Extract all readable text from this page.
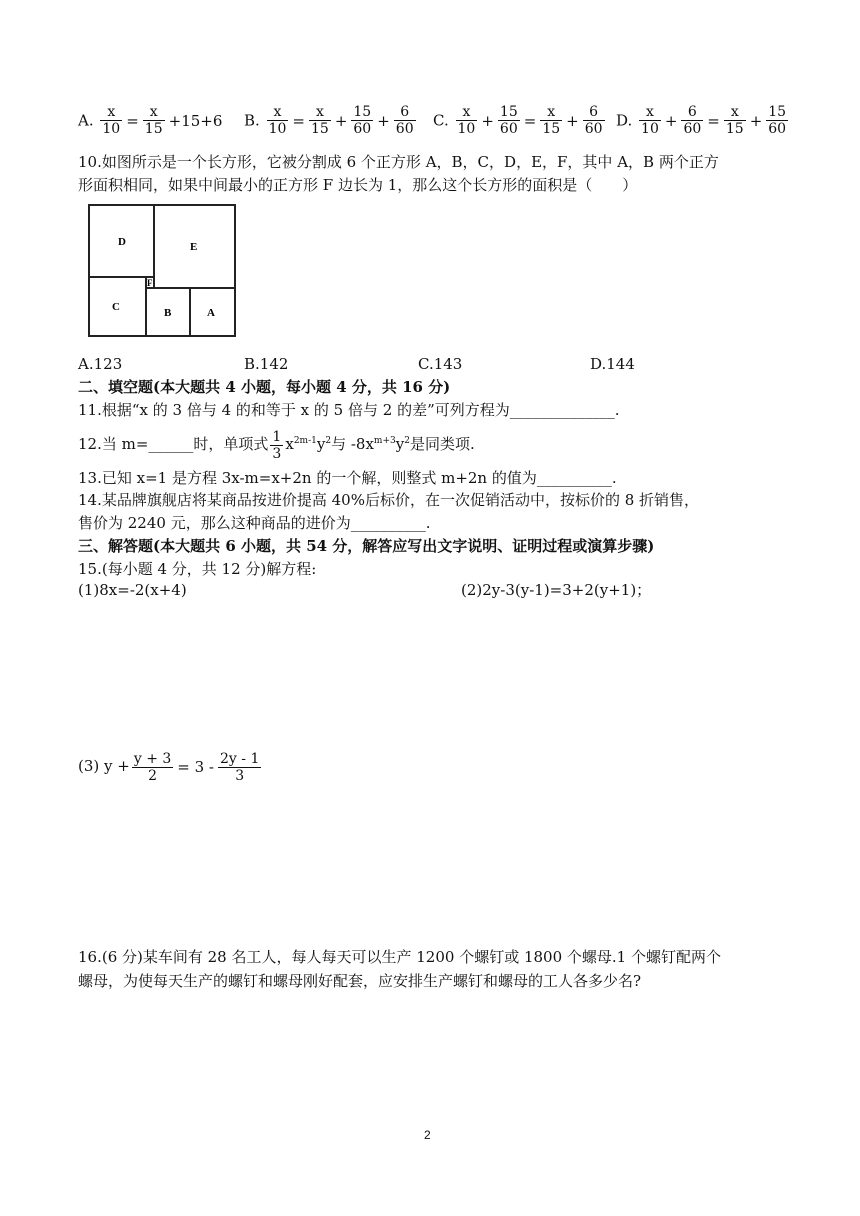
A. $\frac{x}{10} = \frac{x}{15} +15+6$ B. $\frac{x}{10} = \frac{x}{15} + \frac{15}{60} + \frac{6}{60} C$. $\frac{x}{10} + \frac{15}{60} = \frac{x}{15} + \frac{6}{60} D$. $\frac{x}{10} + \frac{6}{60} = \frac{x}{15} + \frac{15}{60}$
10.如图所示是一个长方形，它被分割成 6 个正方形 A，B，C，D，E，F，其中 A，B 两个正方
形面积相同，如果中间最小的正方形 F 边长为 1，那么这个长方形的面积是（　　）
D	E
C
F
B	A
A.123	B.142	C.143	D.144
二、填空题(本大题共 4 小题，每小题 4 分，共 16 分)
11.根据“x 的 3 倍与 4 的和等于 x 的 5 倍与 2 的差”可列方程为______________.
12.当 m=______时，单项式 $\frac{1}{3} x^{2m-1}y^2$与 $-8x^{m+3}y^2$是同类项.
13.已知 x=1 是方程 3x-m=x+2n 的一个解，则整式 m+2n 的值为__________.
14.某品牌旗舰店将某商品按进价提高 40%后标价，在一次促销活动中，按标价的 8 折销售，
售价为 2240 元，那么这种商品的进价为__________.
三、解答题(本大题共 6 小题，共 54 分，解答应写出文字说明、证明过程或演算步骤)
15.(每小题 4 分，共 12 分)解方程:
(1)8x=-2(x+4)	(2)2y-3(y-1)=3+2(y+1)；
(3) $y + \frac{y + 3}{2} = 3 - \frac{2y - 1}{3}$
16.(6 分)某车间有 28 名工人，每人每天可以生产 1200 个螺钉或 1800 个螺母.1 个螺钉配两个
螺母，为使每天生产的螺钉和螺母刚好配套，应安排生产螺钉和螺母的工人各多少名?
2
